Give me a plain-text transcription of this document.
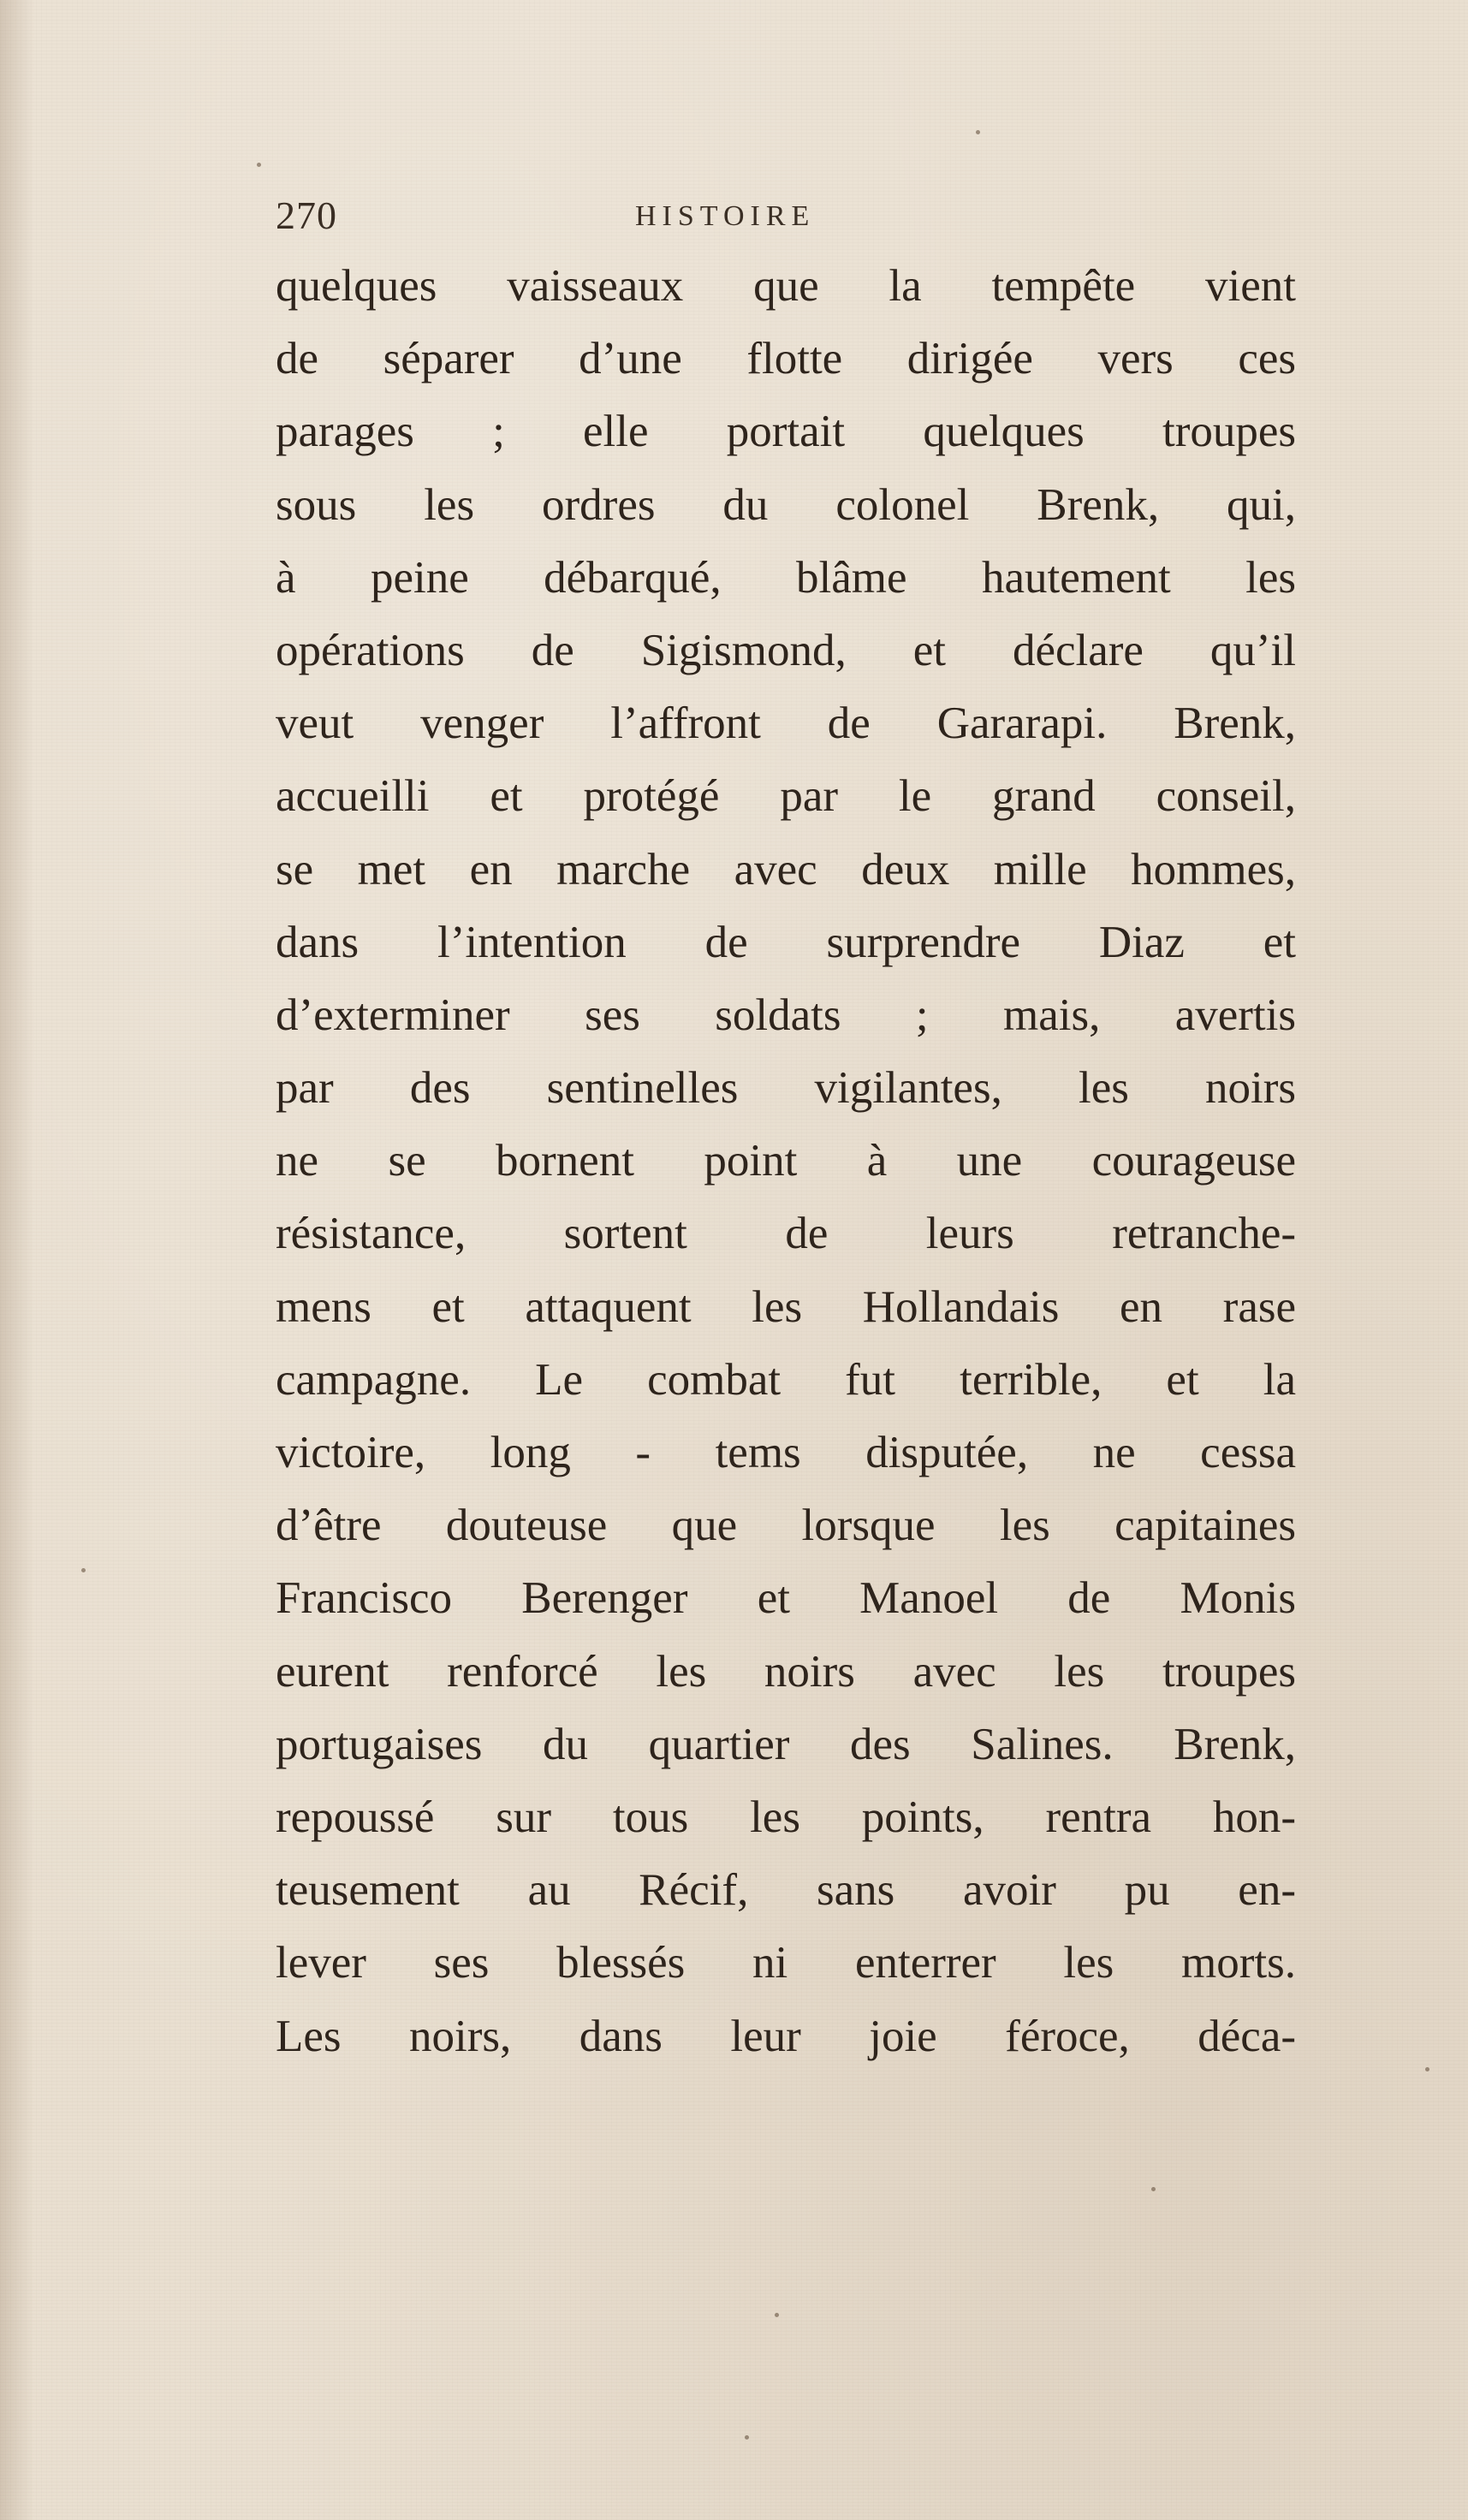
270	HISTOIRE
quelques vaisseaux que la tempête vient
de séparer d’une flotte dirigée vers ces
parages ; elle portait quelques troupes
sous les ordres du colonel Brenk, qui,
à peine débarqué, blâme hautement les
opérations de Sigismond, et déclare qu’il
veut venger l’affront de Gararapi. Brenk,
accueilli et protégé par le grand conseil,
se met en marche avec deux mille hommes,
dans l’intention de surprendre Diaz et
d’exterminer ses soldats ; mais, avertis
par des sentinelles vigilantes, les noirs
ne se bornent point à une courageuse
résistance, sortent de leurs retranche-
mens et attaquent les Hollandais en rase
campagne. Le combat fut terrible, et la
victoire, long - tems disputée, ne cessa
d’être douteuse que lorsque les capitaines
Francisco Berenger et Manoel de Monis
eurent renforcé les noirs avec les troupes
portugaises du quartier des Salines. Brenk,
repoussé sur tous les points, rentra hon-
teusement au Récif, sans avoir pu en-
lever ses blessés ni enterrer les morts.
Les noirs, dans leur joie féroce, déca-
